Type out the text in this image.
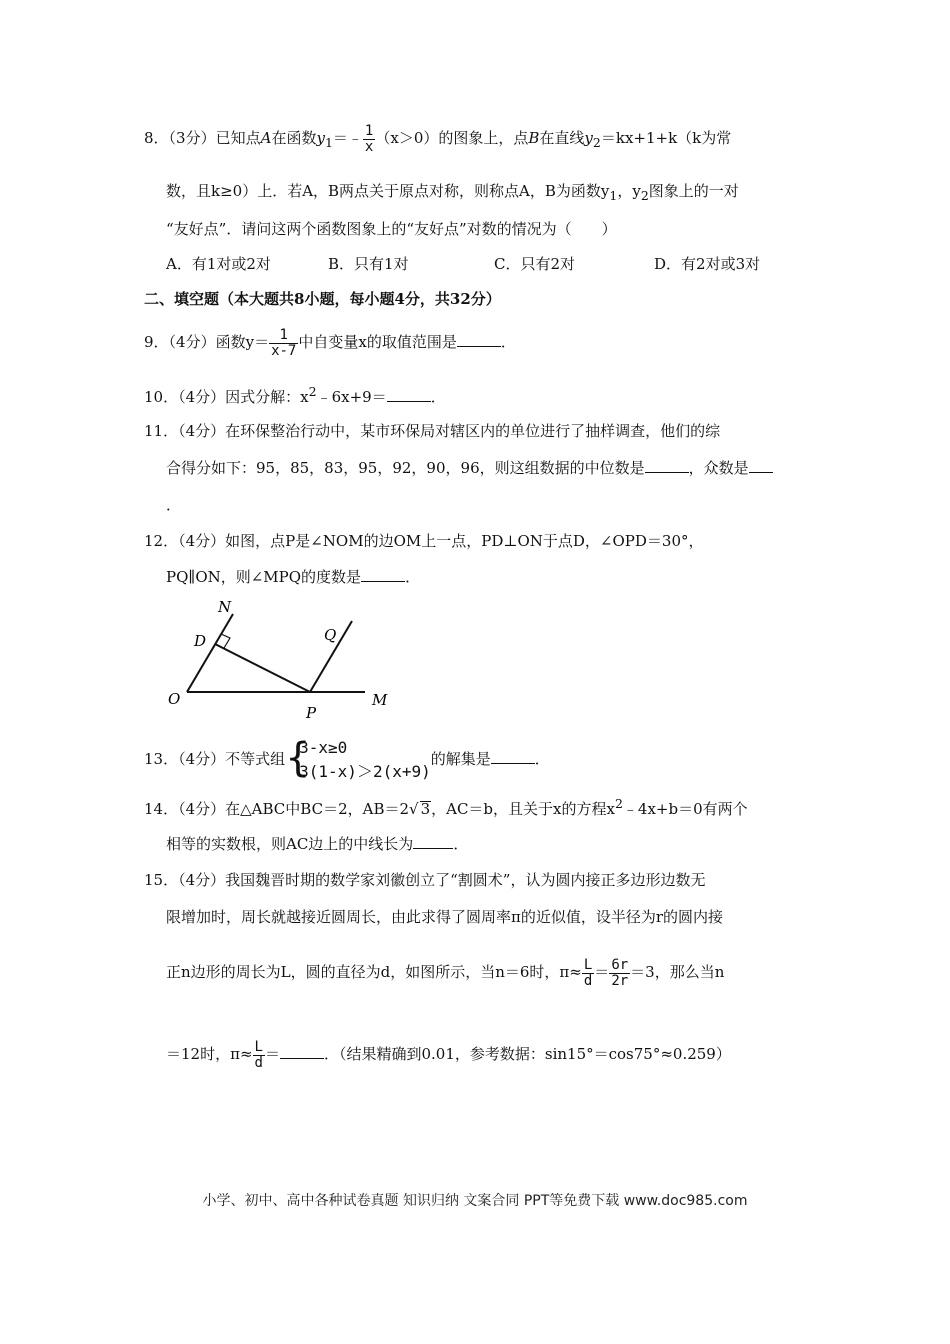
8．（3分）已知点A在函数$y_1=﹣ \frac{1}{x} (x>0)$的图象上，点B在直线$y_2=kx+1+k(k$为常
数，且k≥0）上．若A，B两点关于原点对称，则称点A，B为函数$y_1$，$y_2$图象上的一对
“友好点”．请问这两个函数图象上的“友好点”对数的情况为（　　）
A．有1对或2对	B．只有1对	C．只有2对	D．有2对或3对
二、填空题（本大题共8小题，每小题4分，共32分）
9．（4分）函数$y= \frac{1}{x-7}$ 中自变量x的取值范围是	．
10．（4分）因式分解：$x^2﹣6x+9=$	．
11．（4分）在环保整治行动中，某市环保局对辖区内的单位进行了抽样调查，他们的综
合得分如下：95，85，83，95，92，90，96，则这组数据的中位数是	，众数是
．
12．（4分）如图，点P是∠NOM的边OM上一点，PD⊥ON于点D，∠OPD＝30°，
PQ∥ON，则∠MPQ的度数是	．
N
D	Q
O
P
M
13．（4分）不等式组 {
3-x≥0
3(1-x)＞2(x+9)
的解集是	．
14．（4分）在△ABC中BC＝2，AB＝2√ 3，AC＝b，且关于x的方程$x^2﹣4x+b=0$有两个
相等的实数根，则AC边上的中线长为	．
15．（4分）我国魏晋时期的数学家刘徽创立了“割圆术”，认为圆内接正多边形边数无
限增加时，周长就越接近圆周长，由此求得了圆周率π的近似值，设半径为r的圆内接
正n边形的周长为L，圆的直径为d，如图所示，当n＝6时，$\pi\approx \frac{L}{d} = \frac{6r}{2r} =3$，那么当n
＝12时，$\pi\approx \frac{L}{d}$ ＝	．（结果精确到0.01，参考数据：sin15°＝cos75°≈0.259）
小学、初中、高中各种试卷真题 知识归纳 文案合同 PPT等免费下载 www.doc985.com
